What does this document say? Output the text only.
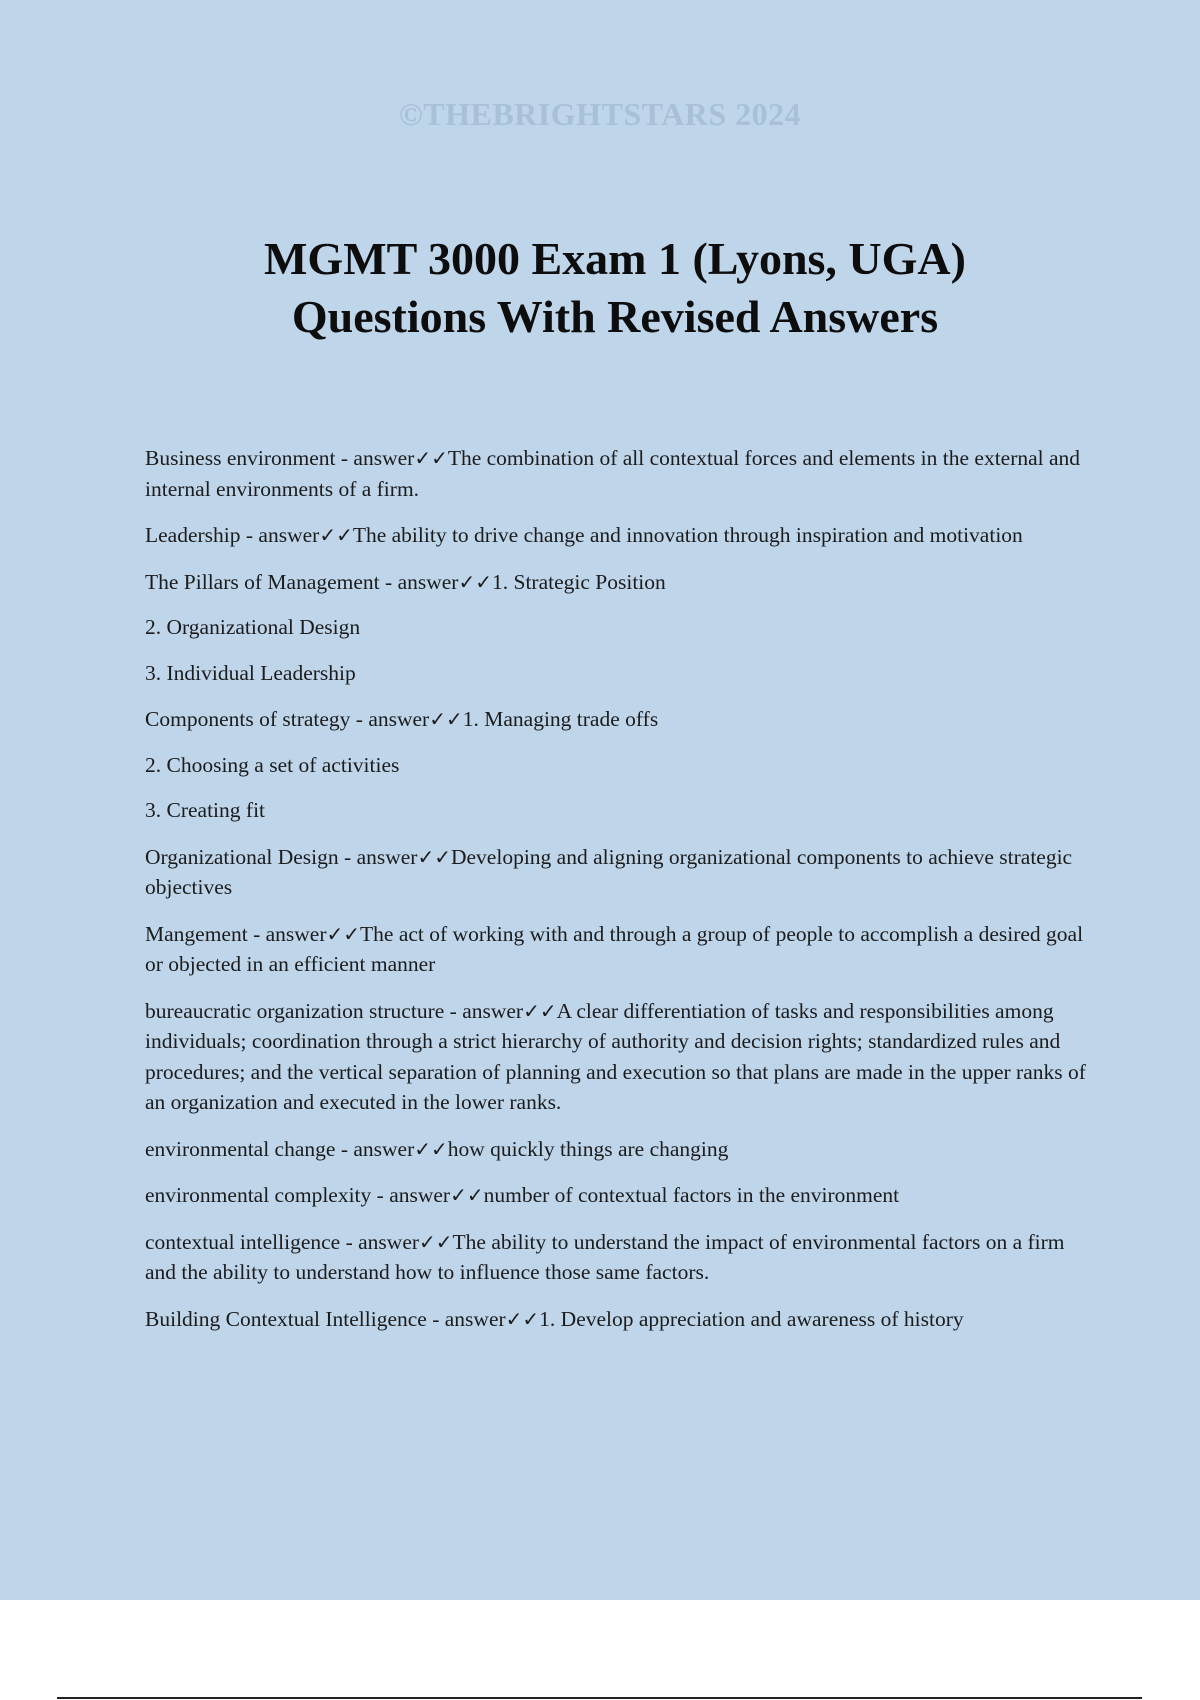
©THEBRIGHTSTARS 2024
MGMT 3000 Exam 1 (Lyons, UGA)
Questions With Revised Answers

Business environment - answer✓✓The combination of all contextual forces and elements in the external and internal environments of a firm.

Leadership - answer✓✓The ability to drive change and innovation through inspiration and motivation

The Pillars of Management - answer✓✓1. Strategic Position

2. Organizational Design

3. Individual Leadership

Components of strategy - answer✓✓1. Managing trade offs

2. Choosing a set of activities

3. Creating fit

Organizational Design - answer✓✓Developing and aligning organizational components to achieve strategic objectives

Mangement - answer✓✓The act of working with and through a group of people to accomplish a desired goal or objected in an efficient manner

bureaucratic organization structure - answer✓✓A clear differentiation of tasks and responsibilities among individuals; coordination through a strict hierarchy of authority and decision rights; standardized rules and procedures; and the vertical separation of planning and execution so that plans are made in the upper ranks of an organization and executed in the lower ranks.

environmental change - answer✓✓how quickly things are changing

environmental complexity - answer✓✓number of contextual factors in the environment

contextual intelligence - answer✓✓The ability to understand the impact of environmental factors on a firm and the ability to understand how to influence those same factors.

Building Contextual Intelligence - answer✓✓1. Develop appreciation and awareness of history
